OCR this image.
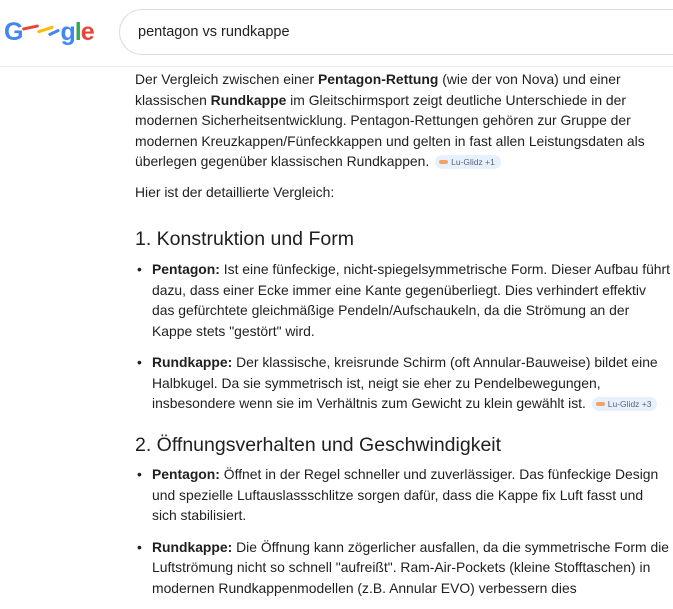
G gle
pentagon vs rundkappe

Der Vergleich zwischen einer Pentagon-Rettung (wie der von Nova) und einer klassischen Rundkappe im Gleitschirmsport zeigt deutliche Unterschiede in der modernen Sicherheitsentwicklung. Pentagon-Rettungen gehören zur Gruppe der modernen Kreuzkappen/Fünfeckkappen und gelten in fast allen Leistungsdaten als überlegen gegenüber klassischen Rundkappen. Lu-Glidz +1

Hier ist der detaillierte Vergleich:

1. Konstruktion und Form
• Pentagon: Ist eine fünfeckige, nicht-spiegelsymmetrische Form. Dieser Aufbau führt dazu, dass einer Ecke immer eine Kante gegenüberliegt. Dies verhindert effektiv das gefürchtete gleichmäßige Pendeln/Aufschaukeln, da die Strömung an der Kappe stets "gestört" wird.
• Rundkappe: Der klassische, kreisrunde Schirm (oft Annular-Bauweise) bildet eine Halbkugel. Da sie symmetrisch ist, neigt sie eher zu Pendelbewegungen, insbesondere wenn sie im Verhältnis zum Gewicht zu klein gewählt ist. Lu-Glidz +3
2. Öffnungsverhalten und Geschwindigkeit
• Pentagon: Öffnet in der Regel schneller und zuverlässiger. Das fünfeckige Design und spezielle Luftauslassschlitze sorgen dafür, dass die Kappe fix Luft fasst und sich stabilisiert.
• Rundkappe: Die Öffnung kann zögerlicher ausfallen, da die symmetrische Form die Luftströmung nicht so schnell "aufreißt". Ram-Air-Pockets (kleine Stofftaschen) in modernen Rundkappenmodellen (z.B. Annular EVO) verbessern dies
